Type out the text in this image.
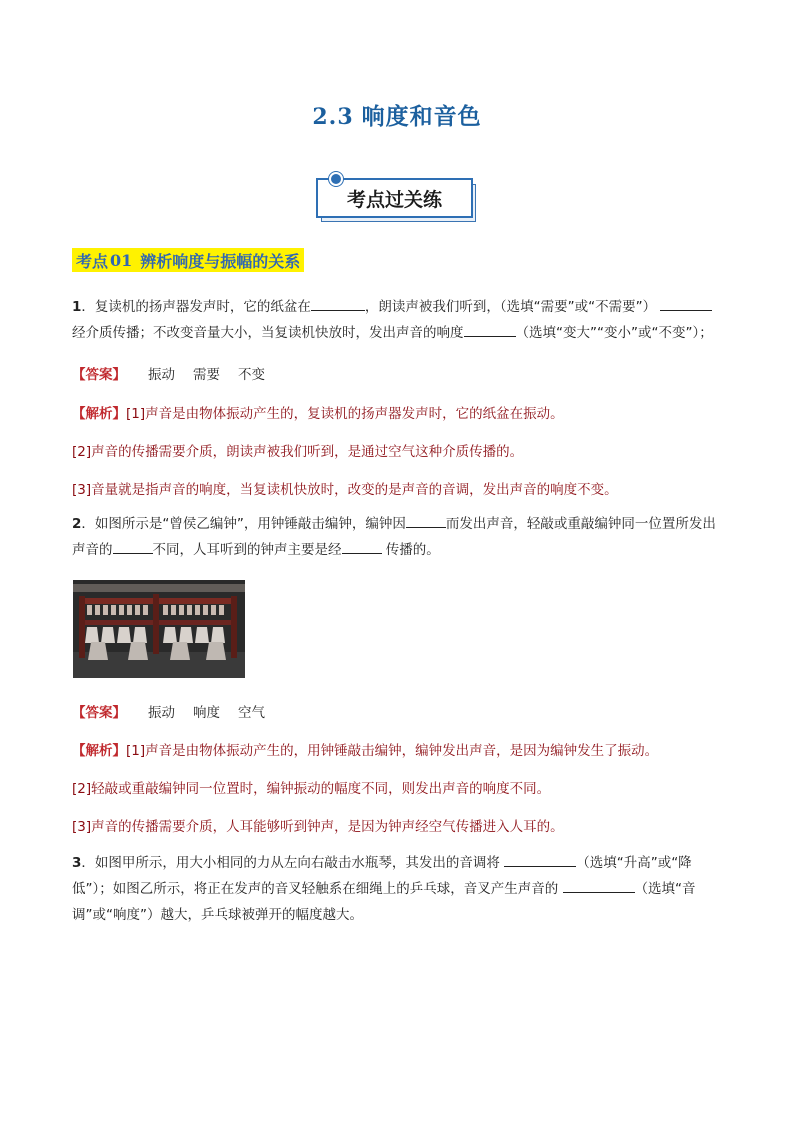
2.3 响度和音色
考点过关练
考点 01 辨析响度与振幅的关系
1．复读机的扬声器发声时，它的纸盆在	，朗读声被我们听到，（选填“需要”或“不需要”）经介质传播；不改变音量大小，当复读机快放时，发出声音的响度	（选填“变大”“变小”或“不变”）；
【答案】 振动 需要 不变
【解析】[1]声音是由物体振动产生的，复读机的扬声器发声时，它的纸盆在振动。
[2]声音的传播需要介质，朗读声被我们听到，是通过空气这种介质传播的。
[3]音量就是指声音的响度，当复读机快放时，改变的是声音的音调，发出声音的响度不变。
2．如图所示是“曾侯乙编钟”，用钟锤敲击编钟，编钟因	而发出声音，轻敲或重敲编钟同一位置所发出声音的	不同，人耳听到的钟声主要是经	传播的。
【答案】 振动 响度 空气
【解析】[1]声音是由物体振动产生的，用钟锤敲击编钟，编钟发出声音，是因为编钟发生了振动。
[2]轻敲或重敲编钟同一位置时，编钟振动的幅度不同，则发出声音的响度不同。
[3]声音的传播需要介质，人耳能够听到钟声，是因为钟声经空气传播进入人耳的。
3．如图甲所示，用大小相同的力从左向右敲击水瓶琴，其发出的音调将	（选填“升高”或“降低”）；如图乙所示，将正在发声的音叉轻触系在细绳上的乒乓球，音叉产生声音的	（选填“音调”或“响度”）越大，乒乓球被弹开的幅度越大。
